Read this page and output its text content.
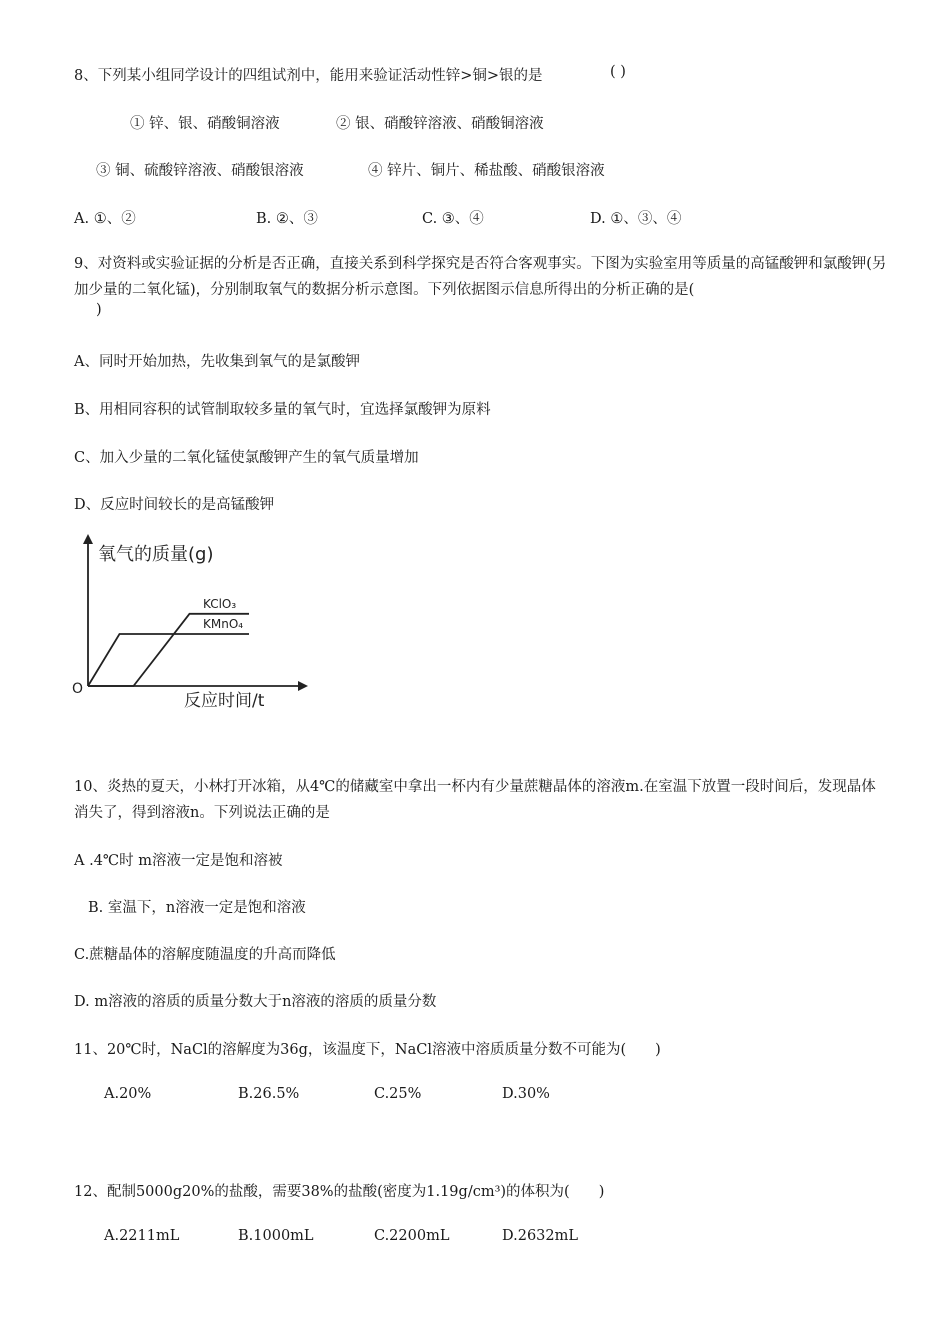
8、下列某小组同学设计的四组试剂中，能用来验证活动性锌>铜>银的是	( )
① 锌、银、硝酸铜溶液	② 银、硝酸锌溶液、硝酸铜溶液
③ 铜、硫酸锌溶液、硝酸银溶液	④ 锌片、铜片、稀盐酸、硝酸银溶液
A. ①、②	B. ②、③	C. ③、④	D. ①、③、④
9、对资料或实验证据的分析是否正确，直接关系到科学探究是否符合客观事实。下图为实验室用等质量的高锰酸钾和氯酸钾(另加少量的二氧化锰)，分别制取氧气的数据分析示意图。下列依据图示信息所得出的分析正确的是(
)
A、同时开始加热，先收集到氧气的是氯酸钾
B、用相同容积的试管制取较多量的氧气时，宜选择氯酸钾为原料
C、加入少量的二氧化锰使氯酸钾产生的氧气质量增加
D、反应时间较长的是高锰酸钾
氧气的质量(g)
反应时间/t
O
KClO₃
KMnO₄
10、炎热的夏天，小林打开冰箱，从4℃的储藏室中拿出一杯内有少量蔗糖晶体的溶液m.在室温下放置一段时间后，发现晶体消失了，得到溶液n。下列说法正确的是
A .4℃时 m溶液一定是饱和溶被
B. 室温下，n溶液一定是饱和溶液
C.蔗糖晶体的溶解度随温度的升高而降低
D. m溶液的溶质的质量分数大于n溶液的溶质的质量分数
11、20℃时，NaCl的溶解度为36g，该温度下，NaCl溶液中溶质质量分数不可能为(　　)
A.20%	B.26.5%	C.25%	D.30%
12、配制5000g20%的盐酸，需要38%的盐酸(密度为1.19g/cm³)的体积为(　　)
A.2211mL	B.1000mL	C.2200mL	D.2632mL
